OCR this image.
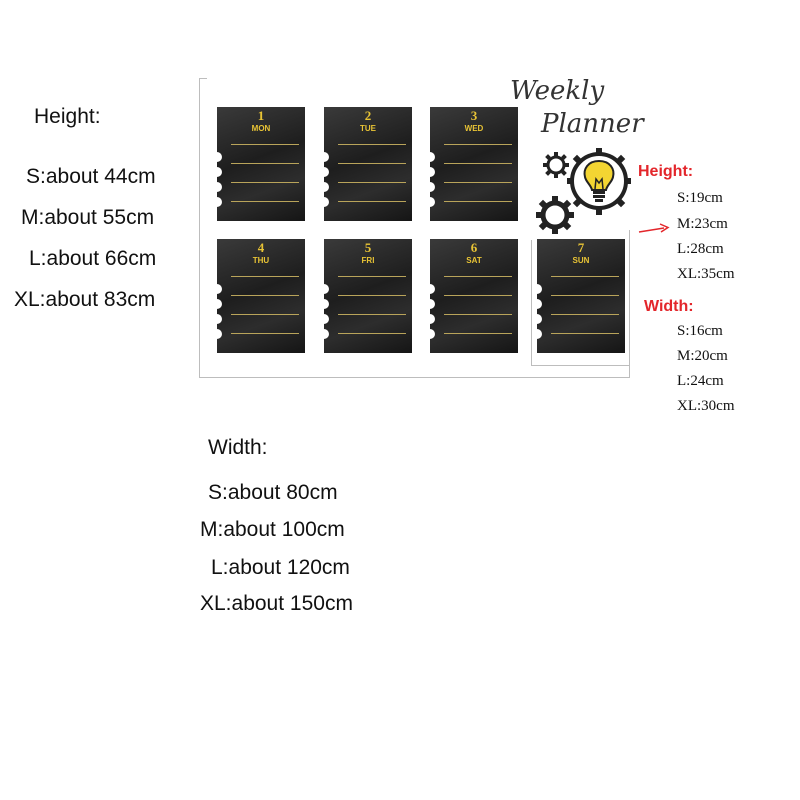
Height:
S:about 44cm
M:about 55cm
L:about 66cm
XL:about 83cm
Width:
S:about 80cm
M:about 100cm
L:about 120cm
XL:about 150cm
1
MON
2
TUE
3
WED
4
THU
5
FRI
6
SAT
7
SUN
Weekly
Planner
Height:
S:19cm
M:23cm
L:28cm
XL:35cm
Width:
S:16cm
M:20cm
L:24cm
XL:30cm
